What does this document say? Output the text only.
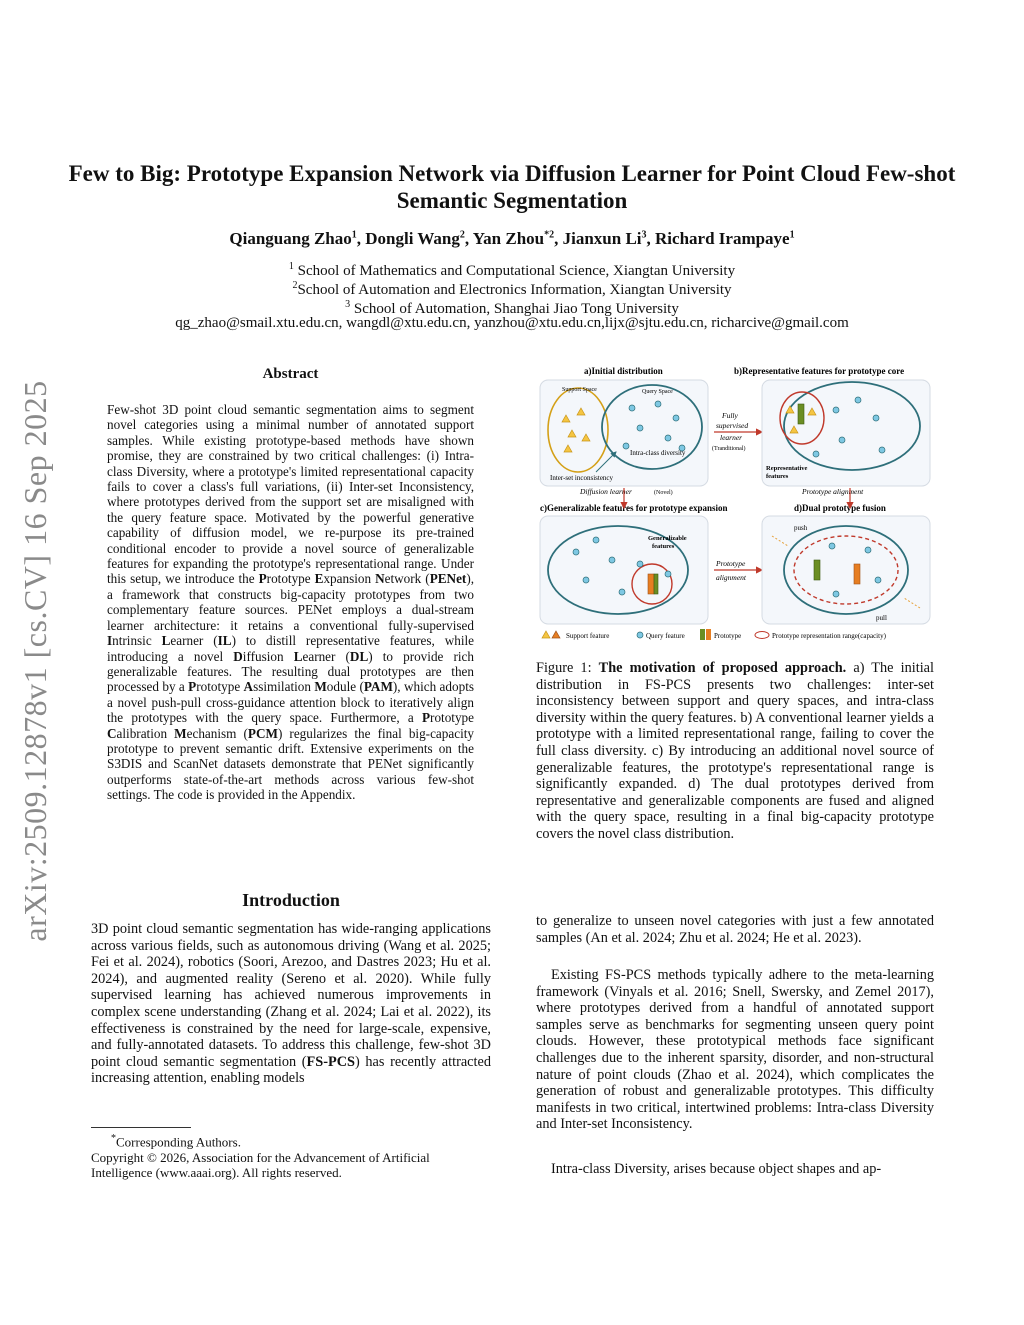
arXiv:2509.12878v1 [cs.CV] 16 Sep 2025
Few to Big: Prototype Expansion Network via Diffusion Learner for Point Cloud Few-shot Semantic Segmentation
Qianguang Zhao$^1$, Dongli Wang$^2$, Yan Zhou$^{*2}$, Jianxun Li$^3$, Richard Irampaye$^1$
$^1$ School of Mathematics and Computational Science, Xiangtan University
$^2$School of Automation and Electronics Information, Xiangtan University
$^3$ School of Automation, Shanghai Jiao Tong University
qg_zhao@smail.xtu.edu.cn, wangdl@xtu.edu.cn, yanzhou@xtu.edu.cn,lijx@sjtu.edu.cn, richarcive@gmail.com
Abstract
Few-shot 3D point cloud semantic segmentation aims to segment novel categories using a minimal number of annotated support samples. While existing prototype-based methods have shown promise, they are constrained by two critical challenges: (i) Intra-class Diversity, where a prototype's limited representational capacity fails to cover a class's full variations, (ii) Inter-set Inconsistency, where prototypes derived from the support set are misaligned with the query feature space. Motivated by the powerful generative capability of diffusion model, we re-purpose its pre-trained conditional encoder to provide a novel source of generalizable features for expanding the prototype's representational range. Under this setup, we introduce the Prototype Expansion Network (PENet), a framework that constructs big-capacity prototypes from two complementary feature sources. PENet employs a dual-stream learner architecture: it retains a conventional fully-supervised Intrinsic Learner (IL) to distill representative features, while introducing a novel Diffusion Learner (DL) to provide rich generalizable features. The resulting dual prototypes are then processed by a Prototype Assimilation Module (PAM), which adopts a novel push-pull cross-guidance attention block to iteratively align the prototypes with the query space. Furthermore, a Prototype Calibration Mechanism (PCM) regularizes the final big-capacity prototype to prevent semantic drift. Extensive experiments on the S3DIS and ScanNet datasets demonstrate that PENet significantly outperforms state-of-the-art methods across various few-shot settings. The code is provided in the Appendix.
a)Initial distribution	b)Representative features for prototype core
c)Generalizable features for prototype expansion	d)Dual prototype fusion
Support Space	Query Space
Intra-class diversity
Inter-set inconsistency
Fully
supervised
learner
(Tranditional)
Representative
features
Diffusion learner	(Novel)	Prototype alignment
Generalizable
features
Prototype
alignment
push
pull
Support feature	Query feature	Prototype	Prototype representation range(capacity)
Figure 1: The motivation of proposed approach. a) The initial distribution in FS-PCS presents two challenges: inter-set inconsistency between support and query spaces, and intra-class diversity within the query features. b) A conventional learner yields a prototype with a limited representational range, failing to cover the full class diversity. c) By introducing an additional novel source of generalizable features, the prototype's representational range is significantly expanded. d) The dual prototypes derived from representative and generalizable components are fused and aligned with the query space, resulting in a final big-capacity prototype covers the novel class distribution.
Introduction
3D point cloud semantic segmentation has wide-ranging applications across various fields, such as autonomous driving (Wang et al. 2025; Fei et al. 2024), robotics (Soori, Arezoo, and Dastres 2023; Hu et al. 2024), and augmented reality (Sereno et al. 2020). While fully supervised learning has achieved numerous improvements in complex scene understanding (Zhang et al. 2024; Lai et al. 2022), its effectiveness is constrained by the need for large-scale, expensive, and fully-annotated datasets. To address this challenge, few-shot 3D point cloud semantic segmentation (FS-PCS) has recently attracted increasing attention, enabling models
to generalize to unseen novel categories with just a few annotated samples (An et al. 2024; Zhu et al. 2024; He et al. 2023).
Existing FS-PCS methods typically adhere to the meta-learning framework (Vinyals et al. 2016; Snell, Swersky, and Zemel 2017), where prototypes derived from a handful of annotated support samples serve as benchmarks for segmenting unseen query point clouds. However, these prototypical methods face significant challenges due to the inherent sparsity, disorder, and non-structural nature of point clouds (Zhao et al. 2024), which complicates the generation of robust and generalizable prototypes. This difficulty manifests in two critical, intertwined problems: Intra-class Diversity and Inter-set Inconsistency.
Intra-class Diversity, arises because object shapes and ap-
*Corresponding Authors.
Copyright © 2026, Association for the Advancement of Artificial Intelligence (www.aaai.org). All rights reserved.
